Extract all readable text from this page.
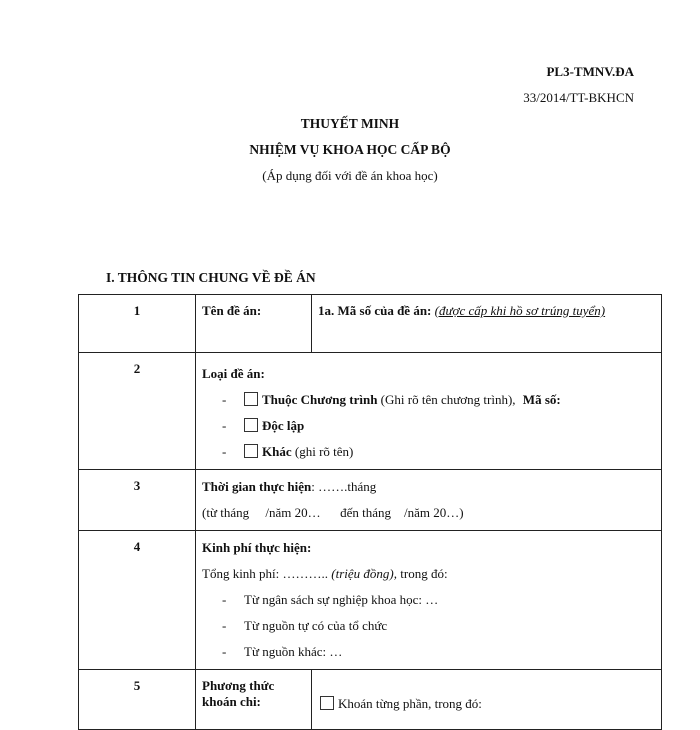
PL3-TMNV.ĐA
33/2014/TT-BKHCN
THUYẾT MINH
NHIỆM VỤ KHOA HỌC CẤP BỘ
(Áp dụng đối với đề án khoa học)
I. THÔNG TIN CHUNG VỀ ĐỀ ÁN
1	Tên đề án:	1a. Mã số của đề án: (được cấp khi hồ sơ trúng tuyển)

2	Loại đề án:
- Thuộc Chương trình (Ghi rõ tên chương trình), Mã số:
- Độc lập
- Khác (ghi rõ tên)	

3	Thời gian thực hiện: …….tháng
(từ tháng     /năm 20…      đến tháng    /năm 20…)	

4	Kinh phí thực hiện:
Tổng kinh phí: ……….. (triệu đồng), trong đó:
- Từ ngân sách sự nghiệp khoa học: …
- Từ nguồn tự có của tổ chức
- Từ nguồn khác: …	

5	Phương thức khoán chi:	Khoán từng phần, trong đó:
